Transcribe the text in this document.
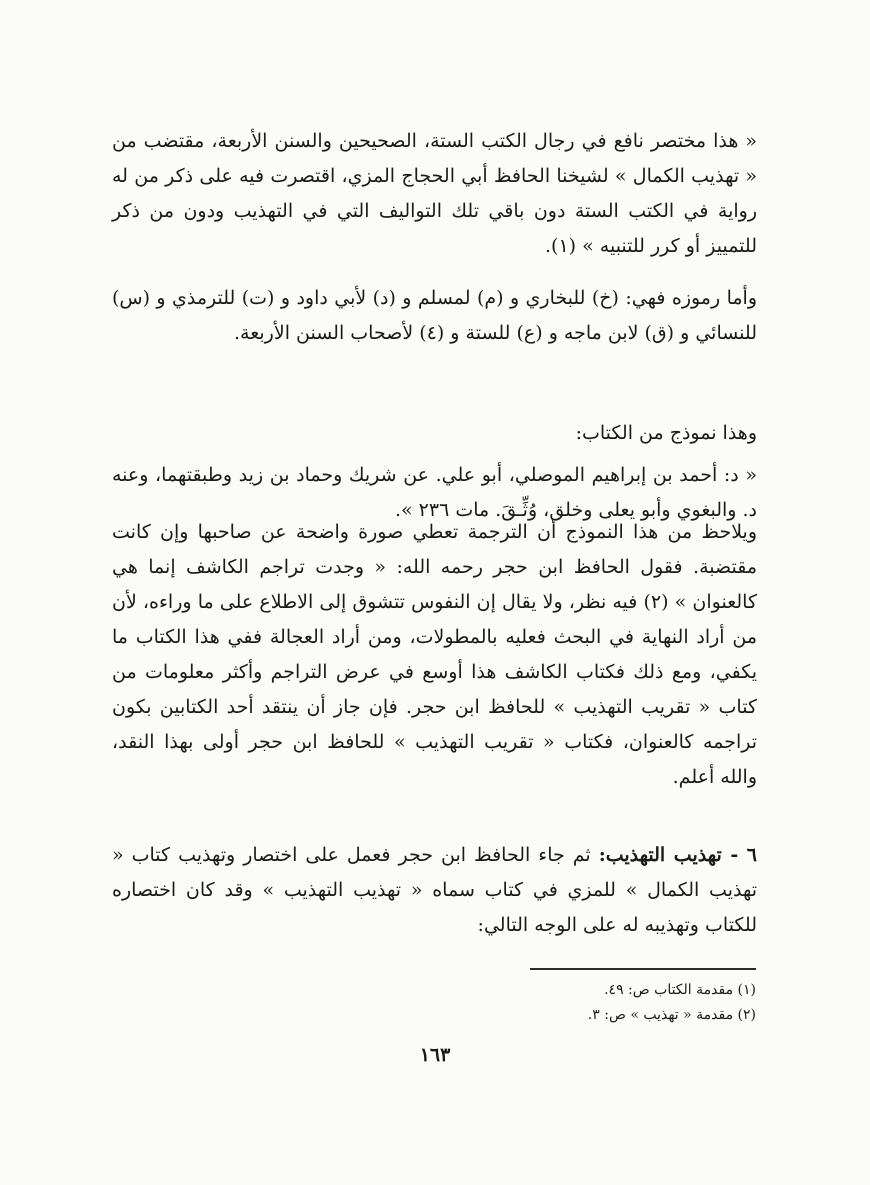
« هذا مختصر نافع في رجال الكتب الستة، الصحيحين والسنن الأربعة، مقتضب من « تهذيب الكمال » لشيخنا الحافظ أبي الحجاج المزي، اقتصرت فيه على ذكر من له رواية في الكتب الستة دون باقي تلك التواليف التي في التهذيب ودون من ذكر للتمييز أو كرر للتنبيه » (١).

وأما رموزه فهي: (خ) للبخاري و (م) لمسلم و (د) لأبي داود و (ت) للترمذي و (س) للنسائي و (ق) لابن ماجه و (ع) للستة و (٤) لأصحاب السنن الأربعة.

وهذا نموذج من الكتاب:

« د: أحمد بن إبراهيم الموصلي، أبو علي. عن شريك وحماد بن زيد وطبقتهما، وعنه د. والبغوي وأبو يعلى وخلق، وُثِّـقَ. مات ٢٣٦ ».

ويلاحظ من هذا النموذج أن الترجمة تعطي صورة واضحة عن صاحبها وإن كانت مقتضبة. فقول الحافظ ابن حجر رحمه الله: « وجدت تراجم الكاشف إنما هي كالعنوان » (٢) فيه نظر، ولا يقال إن النفوس تتشوق إلى الاطلاع على ما وراءه، لأن من أراد النهاية في البحث فعليه بالمطولات، ومن أراد العجالة ففي هذا الكتاب ما يكفي، ومع ذلك فكتاب الكاشف هذا أوسع في عرض التراجم وأكثر معلومات من كتاب « تقريب التهذيب » للحافظ ابن حجر. فإن جاز أن ينتقد أحد الكتابين بكون تراجمه كالعنوان، فكتاب « تقريب التهذيب » للحافظ ابن حجر أولى بهذا النقد، والله أعلم.

٦ - تهذيب التهذيب: ثم جاء الحافظ ابن حجر فعمل على اختصار وتهذيب كتاب « تهذيب الكمال » للمزي في كتاب سماه « تهذيب التهذيب » وقد كان اختصاره للكتاب وتهذيبه له على الوجه التالي:

(١) مقدمة الكتاب ص: ٤٩.

(٢) مقدمة « تهذيب » ص: ٣.

١٦٣
